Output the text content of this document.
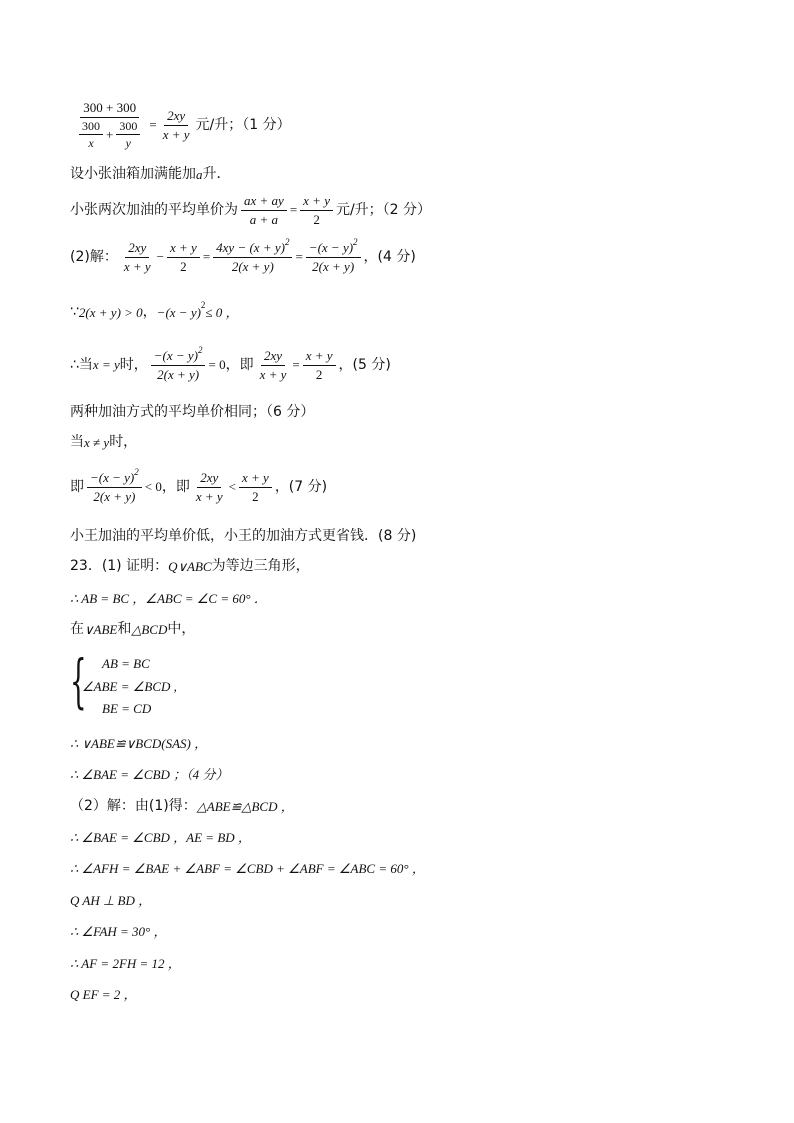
300 + 300
$\frac{300}{x} + \frac{300}{y} = \frac{2xy}{x + y}$ 元/升；（1 分）
设小张油箱加满能加 a 升．
小张两次加油的平均单价为 $\frac{ax + ay}{a + a} = \frac{x + y}{2}$ 元/升；（2 分）
(2)解： $\frac{2xy}{x + y} - \frac{x + y}{2} = \frac{4xy - (x + y)^2}{2(x + y)} = \frac{-(x - y)^2}{2(x + y)}$ ，(4 分)
∵ 2(x + y) > 0 ， −(x − y) 2 ≤ 0 ，
∴当 x = y 时， $\frac{-(x - y)^2}{2(x + y)} = 0$ ，即 $\frac{2xy}{x + y} = \frac{x + y}{2}$ ，(5 分)
两种加油方式的平均单价相同；（6 分）
当 x ≠ y 时，
即 $\frac{-(x - y)^2}{2(x + y)} < 0$ ，即 $\frac{2xy}{x + y} < \frac{x + y}{2}$ ，(7 分)
小王加油的平均单价低，小王的加油方式更省钱．(8 分)
23．(1) 证明： Q∨ABC 为等边三角形，
∴ AB = BC ，∠ABC = ∠C = 60° ．
在 ∨ABE 和 △BCD 中，
{ AB = BC
∠ABE = ∠BCD ,
BE = CD
∴ ∨ABE≌∨BCD(SAS) ，
∴ ∠BAE = ∠CBD ；（4 分）
（2）解：由(1)得： △ABE≌△BCD ，
∴ ∠BAE = ∠CBD ，AE = BD ，
∴ ∠AFH = ∠BAE + ∠ABF = ∠CBD + ∠ABF = ∠ABC = 60° ，
Q AH ⊥ BD ，
∴ ∠FAH = 30° ，
∴ AF = 2FH = 12 ，
Q EF = 2 ，
